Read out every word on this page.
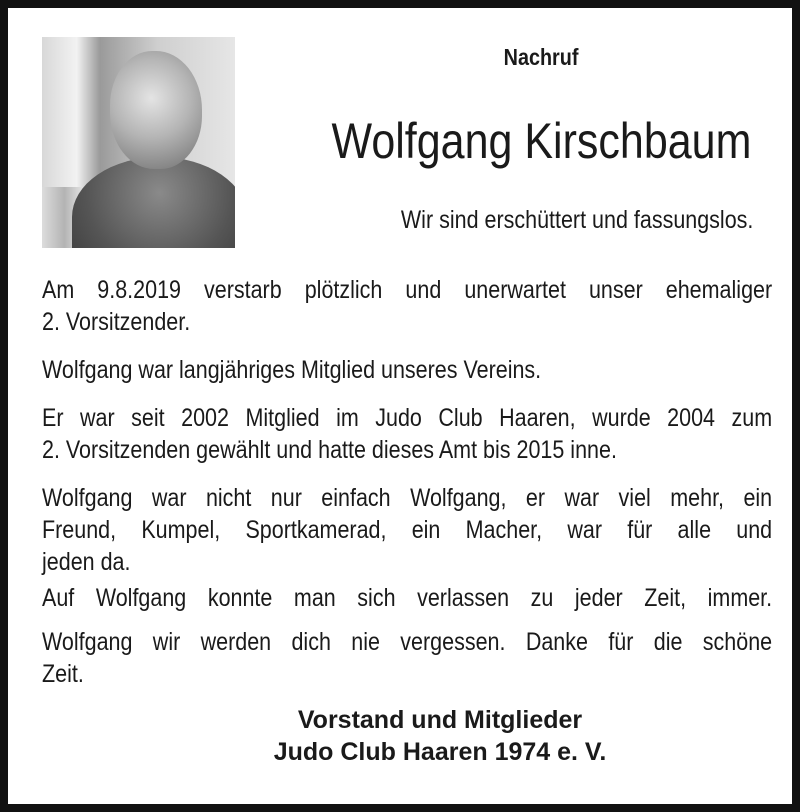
Nachruf
Wolfgang Kirschbaum
Wir sind erschüttert und fassungslos.
Am 9.8.2019 verstarb plötzlich und unerwartet unser ehemaliger
2. Vorsitzender.
Wolfgang war langjähriges Mitglied unseres Vereins.
Er war seit 2002 Mitglied im Judo Club Haaren, wurde 2004 zum
2. Vorsitzenden gewählt und hatte dieses Amt bis 2015 inne.
Wolfgang war nicht nur einfach Wolfgang, er war viel mehr, ein
Freund, Kumpel, Sportkamerad, ein Macher, war für alle und
jeden da.
Auf Wolfgang konnte man sich verlassen zu jeder Zeit, immer.
Wolfgang wir werden dich nie vergessen. Danke für die schöne
Zeit.
Vorstand und Mitglieder
Judo Club Haaren 1974 e. V.
